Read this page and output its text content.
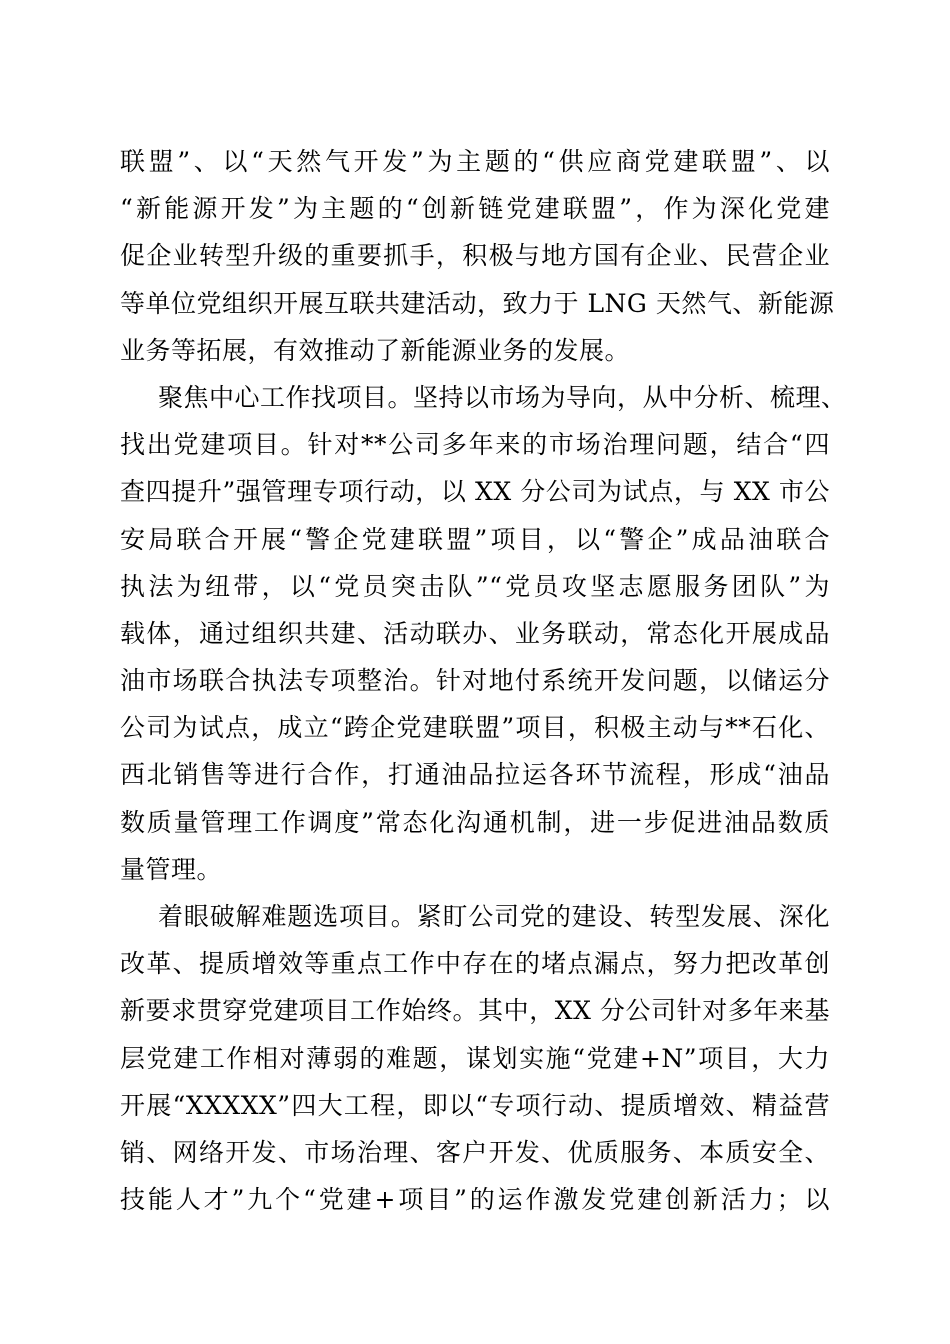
联盟”、以“天然气开发”为主题的“供应商党建联盟”、以
“新能源开发”为主题的“创新链党建联盟”，作为深化党建
促企业转型升级的重要抓手，积极与地方国有企业、民营企业
等单位党组织开展互联共建活动，致力于 LNG 天然气、新能源
业务等拓展，有效推动了新能源业务的发展。
聚焦中心工作找项目。坚持以市场为导向，从中分析、梳理、
找出党建项目。针对**公司多年来的市场治理问题，结合“四
查四提升”强管理专项行动，以 XX 分公司为试点，与 XX 市公
安局联合开展“警企党建联盟”项目，以“警企”成品油联合
执法为纽带，以“党员突击队”“党员攻坚志愿服务团队”为
载体，通过组织共建、活动联办、业务联动，常态化开展成品
油市场联合执法专项整治。针对地付系统开发问题，以储运分
公司为试点，成立“跨企党建联盟”项目，积极主动与**石化、
西北销售等进行合作，打通油品拉运各环节流程，形成“油品
数质量管理工作调度”常态化沟通机制，进一步促进油品数质
量管理。
着眼破解难题选项目。紧盯公司党的建设、转型发展、深化
改革、提质增效等重点工作中存在的堵点漏点，努力把改革创
新要求贯穿党建项目工作始终。其中，XX 分公司针对多年来基
层党建工作相对薄弱的难题，谋划实施“党建+N”项目，大力
开展“XXXXX”四大工程，即以“专项行动、提质增效、精益营
销、网络开发、市场治理、客户开发、优质服务、本质安全、
技能人才”九个“党建+项目”的运作激发党建创新活力；以
